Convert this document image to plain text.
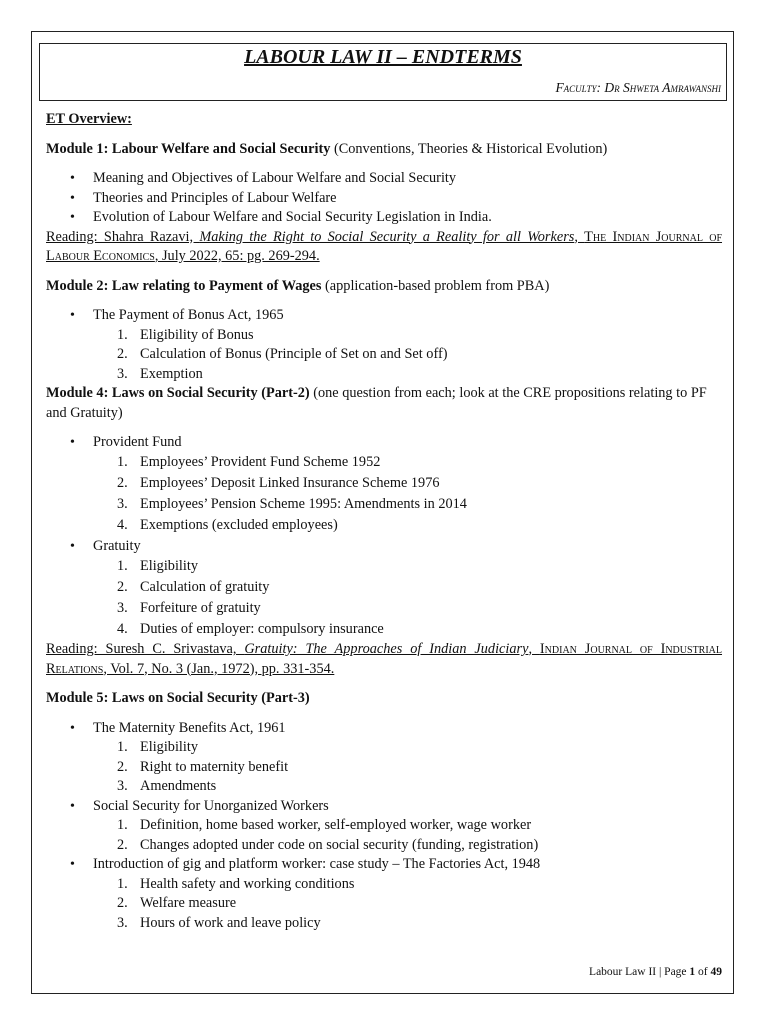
LABOUR LAW II – ENDTERMS
Faculty: Dr Shweta Amrawanshi

ET Overview:

Module 1: Labour Welfare and Social Security (Conventions, Theories & Historical Evolution)

• Meaning and Objectives of Labour Welfare and Social Security
• Theories and Principles of Labour Welfare
• Evolution of Labour Welfare and Social Security Legislation in India.

Reading: Shahra Razavi, Making the Right to Social Security a Reality for all Workers, The Indian Journal of Labour Economics, July 2022, 65: pg. 269-294.

Module 2: Law relating to Payment of Wages (application-based problem from PBA)

• The Payment of Bonus Act, 1965
1. Eligibility of Bonus
2. Calculation of Bonus (Principle of Set on and Set off)
3. Exemption

Module 4: Laws on Social Security (Part-2) (one question from each; look at the CRE propositions relating to PF and Gratuity)

• Provident Fund
1. Employees’ Provident Fund Scheme 1952
2. Employees’ Deposit Linked Insurance Scheme 1976
3. Employees’ Pension Scheme 1995: Amendments in 2014
4. Exemptions (excluded employees)
• Gratuity
1. Eligibility
2. Calculation of gratuity
3. Forfeiture of gratuity
4. Duties of employer: compulsory insurance

Reading: Suresh C. Srivastava, Gratuity: The Approaches of Indian Judiciary, Indian Journal of Industrial Relations, Vol. 7, No. 3 (Jan., 1972), pp. 331-354.

Module 5: Laws on Social Security (Part-3)

• The Maternity Benefits Act, 1961
1. Eligibility
2. Right to maternity benefit
3. Amendments
• Social Security for Unorganized Workers
1. Definition, home based worker, self-employed worker, wage worker
2. Changes adopted under code on social security (funding, registration)
• Introduction of gig and platform worker: case study – The Factories Act, 1948
1. Health safety and working conditions
2. Welfare measure
3. Hours of work and leave policy
Labour Law II | Page 1 of 49
